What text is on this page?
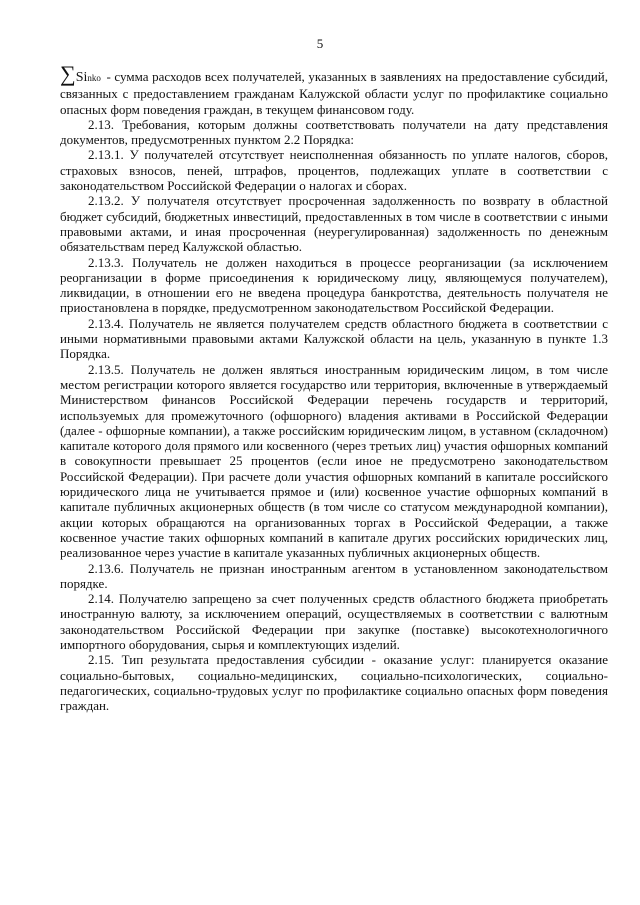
5

∑Sinko - сумма расходов всех получателей, указанных в заявлениях на предоставление субсидий, связанных с предоставлением гражданам Калужской области услуг по профилактике социально опасных форм поведения граждан, в текущем финансовом году.

2.13. Требования, которым должны соответствовать получатели на дату представления документов, предусмотренных пунктом 2.2 Порядка:

2.13.1. У получателей отсутствует неисполненная обязанность по уплате налогов, сборов, страховых взносов, пеней, штрафов, процентов, подлежащих уплате в соответствии с законодательством Российской Федерации о налогах и сборах.

2.13.2. У получателя отсутствует просроченная задолженность по возврату в областной бюджет субсидий, бюджетных инвестиций, предоставленных в том числе в соответствии с иными правовыми актами, и иная просроченная (неурегулированная) задолженность по денежным обязательствам перед Калужской областью.

2.13.3. Получатель не должен находиться в процессе реорганизации (за исключением реорганизации в форме присоединения к юридическому лицу, являющемуся получателем), ликвидации, в отношении его не введена процедура банкротства, деятельность получателя не приостановлена в порядке, предусмотренном законодательством Российской Федерации.

2.13.4. Получатель не является получателем средств областного бюджета в соответствии с иными нормативными правовыми актами Калужской области на цель, указанную в пункте 1.3 Порядка.

2.13.5. Получатель не должен являться иностранным юридическим лицом, в том числе местом регистрации которого является государство или территория, включенные в утверждаемый Министерством финансов Российской Федерации перечень государств и территорий, используемых для промежуточного (офшорного) владения активами в Российской Федерации (далее - офшорные компании), а также российским юридическим лицом, в уставном (складочном) капитале которого доля прямого или косвенного (через третьих лиц) участия офшорных компаний в совокупности превышает 25 процентов (если иное не предусмотрено законодательством Российской Федерации). При расчете доли участия офшорных компаний в капитале российского юридического лица не учитывается прямое и (или) косвенное участие офшорных компаний в капитале публичных акционерных обществ (в том числе со статусом международной компании), акции которых обращаются на организованных торгах в Российской Федерации, а также косвенное участие таких офшорных компаний в капитале других российских юридических лиц, реализованное через участие в капитале указанных публичных акционерных обществ.

2.13.6. Получатель не признан иностранным агентом в установленном законодательством порядке.

2.14. Получателю запрещено за счет полученных средств областного бюджета приобретать иностранную валюту, за исключением операций, осуществляемых в соответствии с валютным законодательством Российской Федерации при закупке (поставке) высокотехнологичного импортного оборудования, сырья и комплектующих изделий.

2.15. Тип результата предоставления субсидии - оказание услуг: планируется оказание социально-бытовых, социально-медицинских, социально-психологических, социально-педагогических, социально-трудовых услуг по профилактике социально опасных форм поведения граждан.
